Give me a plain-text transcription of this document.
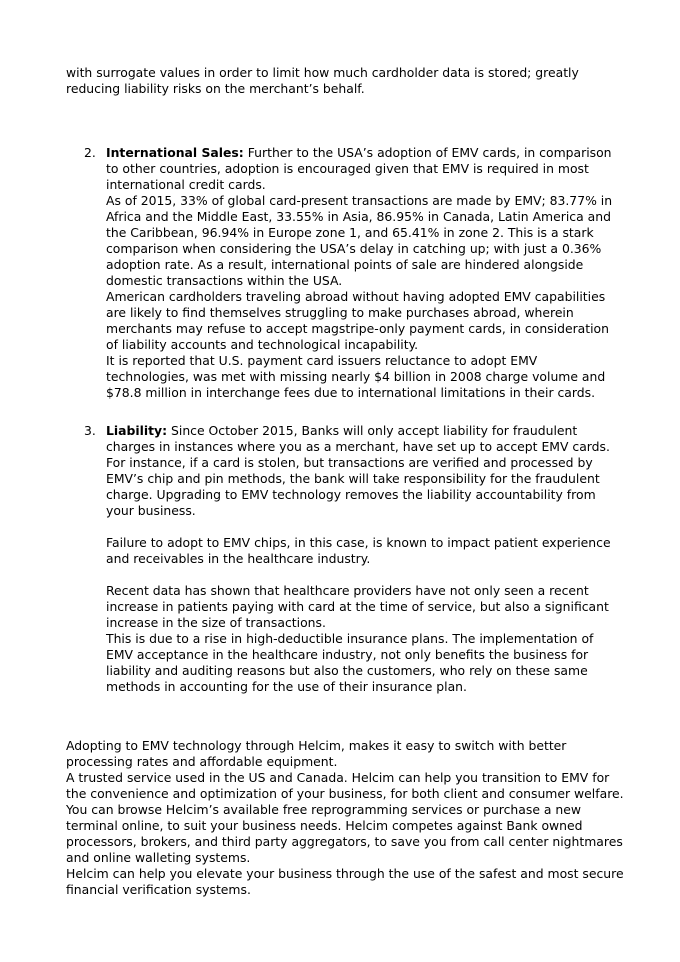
with surrogate values in order to limit how much cardholder data is stored; greatly reducing liability risks on the merchant’s behalf.

2. International Sales: Further to the USA’s adoption of EMV cards, in comparison to other countries, adoption is encouraged given that EMV is required in most international credit cards.

As of 2015, 33% of global card-present transactions are made by EMV; 83.77% in Africa and the Middle East, 33.55% in Asia, 86.95% in Canada, Latin America and the Caribbean, 96.94% in Europe zone 1, and 65.41% in zone 2. This is a stark comparison when considering the USA’s delay in catching up; with just a 0.36% adoption rate. As a result, international points of sale are hindered alongside domestic transactions within the USA.

American cardholders traveling abroad without having adopted EMV capabilities are likely to find themselves struggling to make purchases abroad, wherein merchants may refuse to accept magstripe-only payment cards, in consideration of liability accounts and technological incapability.

It is reported that U.S. payment card issuers reluctance to adopt EMV technologies, was met with missing nearly $4 billion in 2008 charge volume and $78.8 million in interchange fees due to international limitations in their cards.

3. Liability: Since October 2015, Banks will only accept liability for fraudulent charges in instances where you as a merchant, have set up to accept EMV cards. For instance, if a card is stolen, but transactions are verified and processed by EMV’s chip and pin methods, the bank will take responsibility for the fraudulent charge. Upgrading to EMV technology removes the liability accountability from your business.

Failure to adopt to EMV chips, in this case, is known to impact patient experience and receivables in the healthcare industry.

Recent data has shown that healthcare providers have not only seen a recent increase in patients paying with card at the time of service, but also a significant increase in the size of transactions.

This is due to a rise in high-deductible insurance plans. The implementation of EMV acceptance in the healthcare industry, not only benefits the business for liability and auditing reasons but also the customers, who rely on these same methods in accounting for the use of their insurance plan.

Adopting to EMV technology through Helcim, makes it easy to switch with better processing rates and affordable equipment.

A trusted service used in the US and Canada. Helcim can help you transition to EMV for the convenience and optimization of your business, for both client and consumer welfare. You can browse Helcim’s available free reprogramming services or purchase a new terminal online, to suit your business needs. Helcim competes against Bank owned processors, brokers, and third party aggregators, to save you from call center nightmares and online walleting systems.

Helcim can help you elevate your business through the use of the safest and most secure financial verification systems.
